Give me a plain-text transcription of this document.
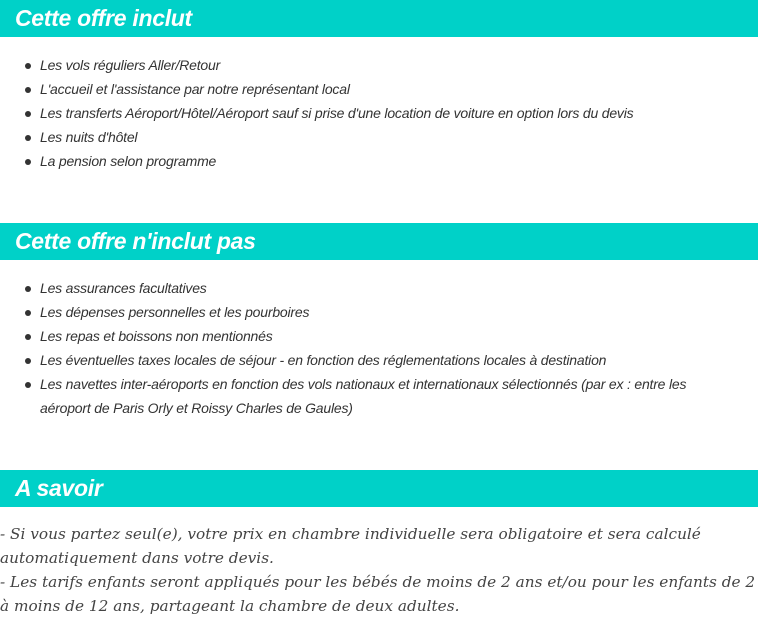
Cette offre inclut
Les vols réguliers Aller/Retour
L'accueil et l'assistance par notre représentant local
Les transferts Aéroport/Hôtel/Aéroport sauf si prise d'une location de voiture en option lors du devis
Les nuits d'hôtel
La pension selon programme
Cette offre n'inclut pas
Les assurances facultatives
Les dépenses personnelles et les pourboires
Les repas et boissons non mentionnés
Les éventuelles taxes locales de séjour - en fonction des réglementations locales à destination
Les navettes inter-aéroports en fonction des vols nationaux et internationaux sélectionnés (par ex : entre les aéroport de Paris Orly et Roissy Charles de Gaules)
A savoir

- Si vous partez seul(e), votre prix en chambre individuelle sera obligatoire et sera calculé automatiquement dans votre devis.

- Les tarifs enfants seront appliqués pour les bébés de moins de 2 ans et/ou pour les enfants de 2 à moins de 12 ans, partageant la chambre de deux adultes.
